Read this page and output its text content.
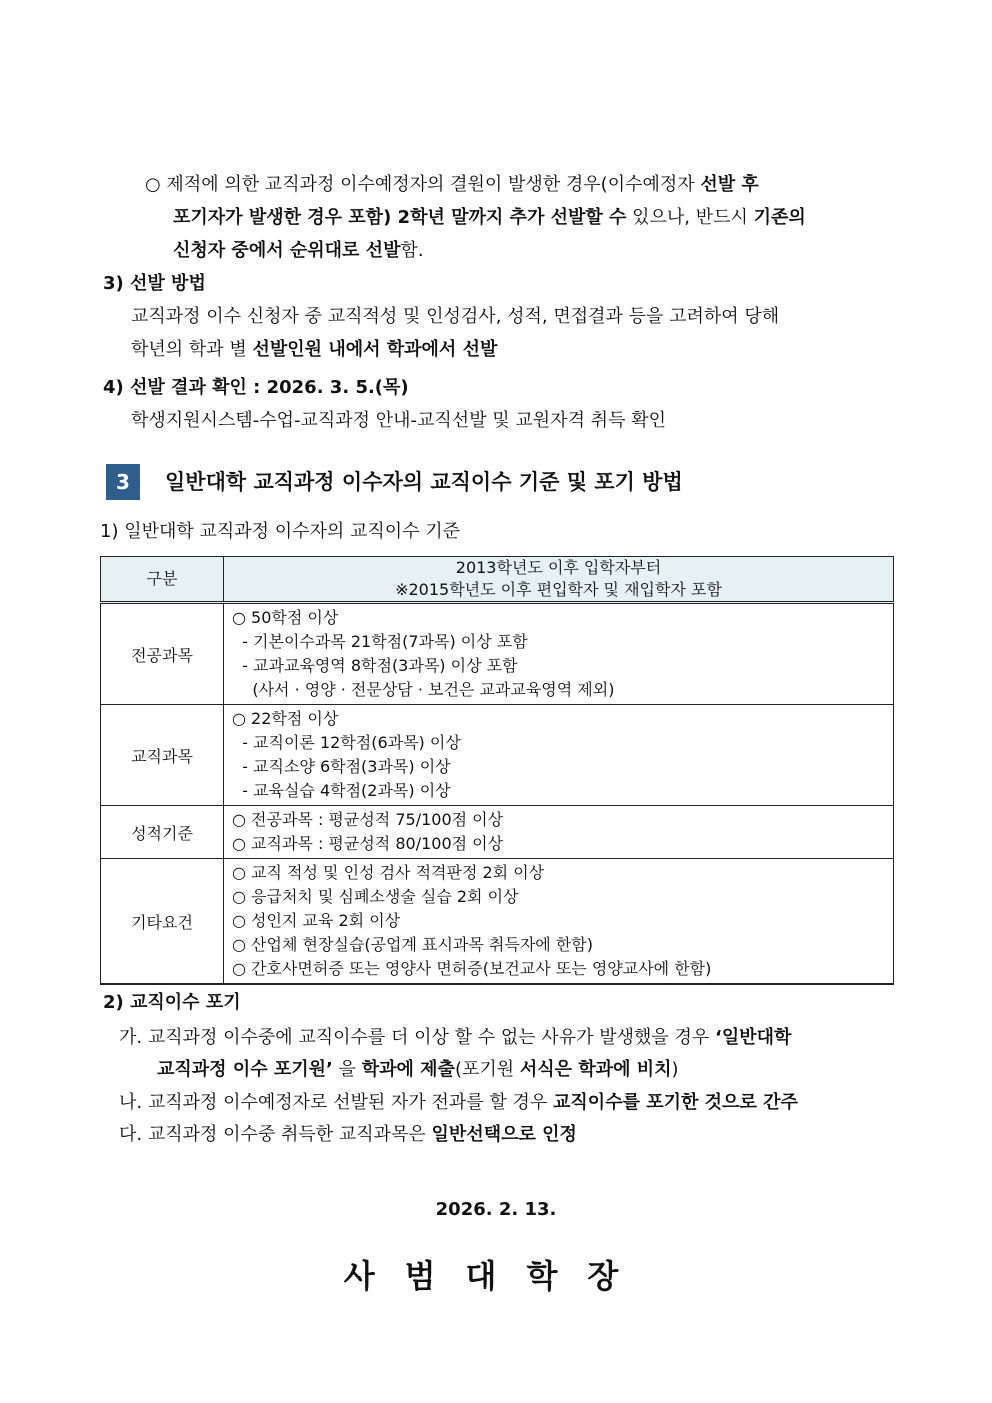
○ 제적에 의한 교직과정 이수예정자의 결원이 발생한 경우(이수예정자 선발 후
포기자가 발생한 경우 포함) 2학년 말까지 추가 선발할 수 있으나, 반드시 기존의
신청자 중에서 순위대로 선발함.
3) 선발 방법
교직과정 이수 신청자 중 교직적성 및 인성검사, 성적, 면접결과 등을 고려하여 당해
학년의 학과 별 선발인원 내에서 학과에서 선발
4) 선발 결과 확인 : 2026. 3. 5.(목)
학생지원시스템-수업-교직과정 안내-교직선발 및 교원자격 취득 확인
3	일반대학 교직과정 이수자의 교직이수 기준 및 포기 방법
1) 일반대학 교직과정 이수자의 교직이수 기준
구분	2013학년도 이후 입학자부터
※2015학년도 이후 편입학자 및 재입학자 포함

전공과목	○ 50학점 이상
- 기본이수과목 21학점(7과목) 이상 포함
- 교과교육영역 8학점(3과목) 이상 포함
(사서 · 영양 · 전문상담 · 보건은 교과교육영역 제외)

교직과목	○ 22학점 이상
- 교직이론 12학점(6과목) 이상
- 교직소양 6학점(3과목) 이상
- 교육실습 4학점(2과목) 이상

성적기준	○ 전공과목 : 평균성적 75/100점 이상
○ 교직과목 : 평균성적 80/100점 이상

기타요건	○ 교직 적성 및 인성 검사 적격판정 2회 이상
○ 응급처치 및 심폐소생술 실습 2회 이상
○ 성인지 교육 2회 이상
○ 산업체 현장실습(공업계 표시과목 취득자에 한함)
○ 간호사면허증 또는 영양사 면허증(보건교사 또는 영양교사에 한함)
2) 교직이수 포기
가. 교직과정 이수중에 교직이수를 더 이상 할 수 없는 사유가 발생했을 경우 ‘일반대학
교직과정 이수 포기원’ 을 학과에 제출(포기원 서식은 학과에 비치)
나. 교직과정 이수예정자로 선발된 자가 전과를 할 경우 교직이수를 포기한 것으로 간주
다. 교직과정 이수중 취득한 교직과목은 일반선택으로 인정
2026. 2. 13.
사범대학장
